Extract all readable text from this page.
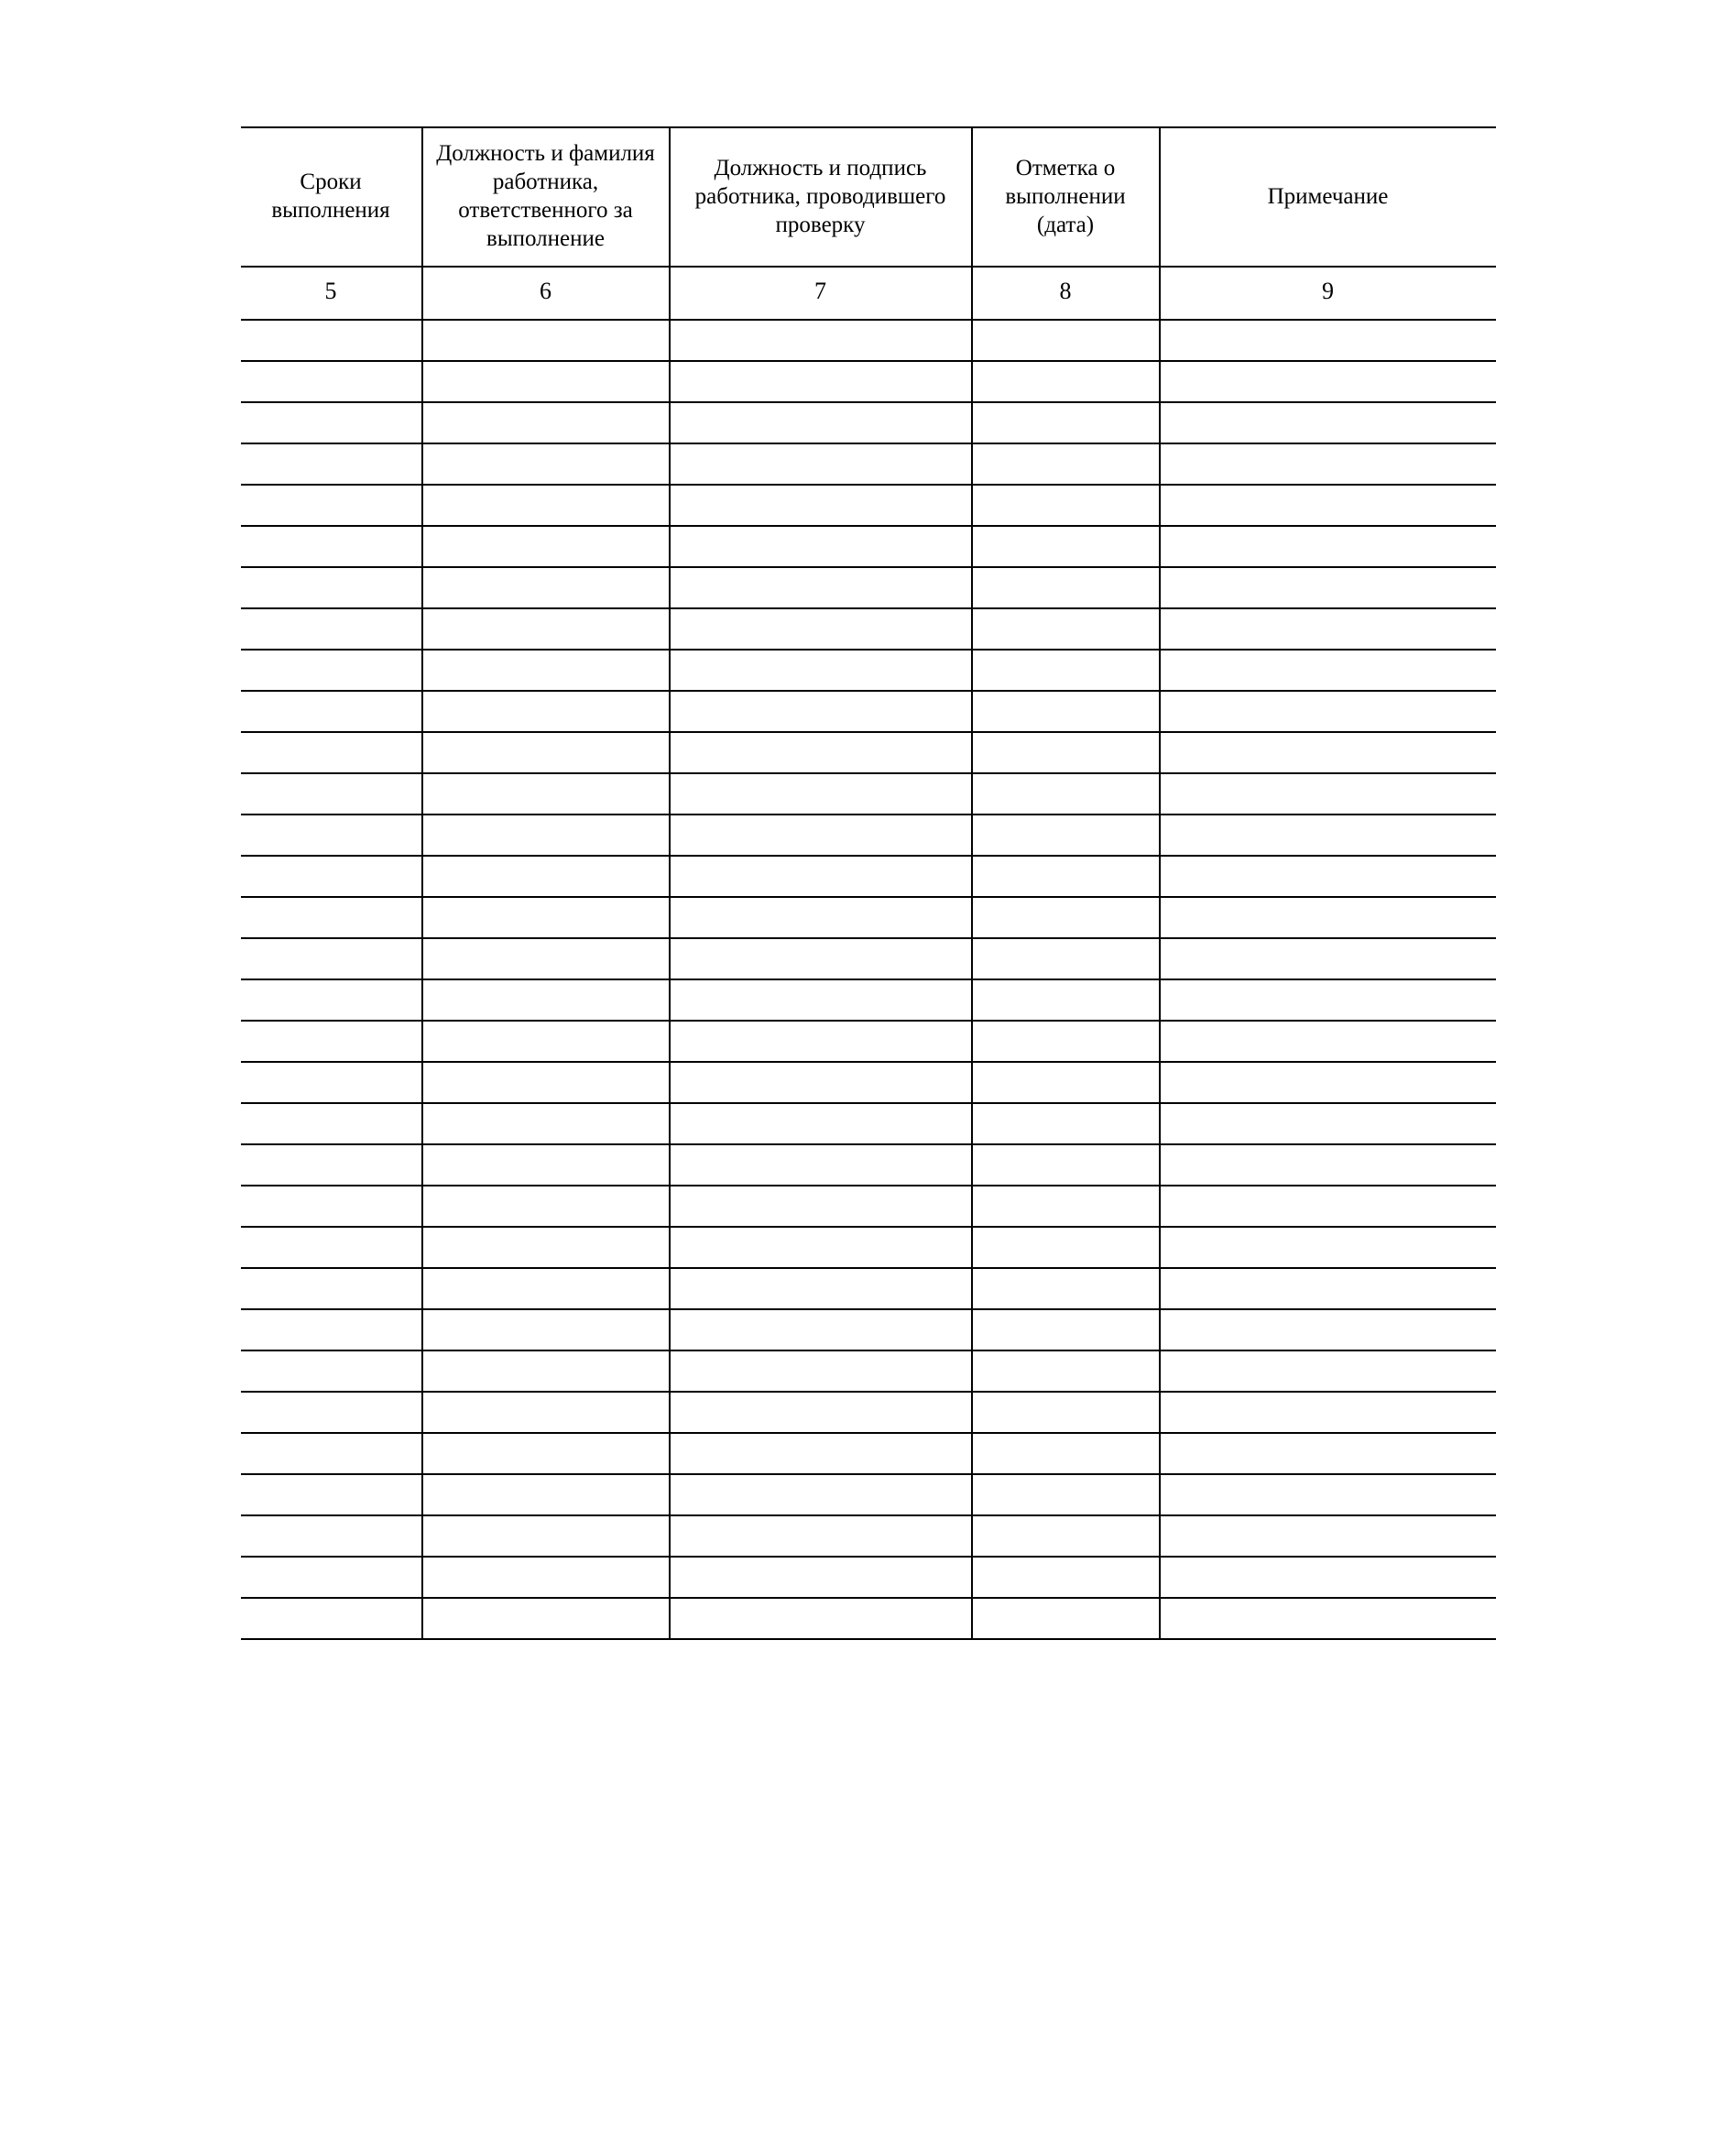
Сроки выполнения	Должность и фамилия работника, ответственного за выполнение	Должность и подпись работника, проводившего проверку	Отметка о выполнении (дата)	Примечание
5	6	7	8	9
